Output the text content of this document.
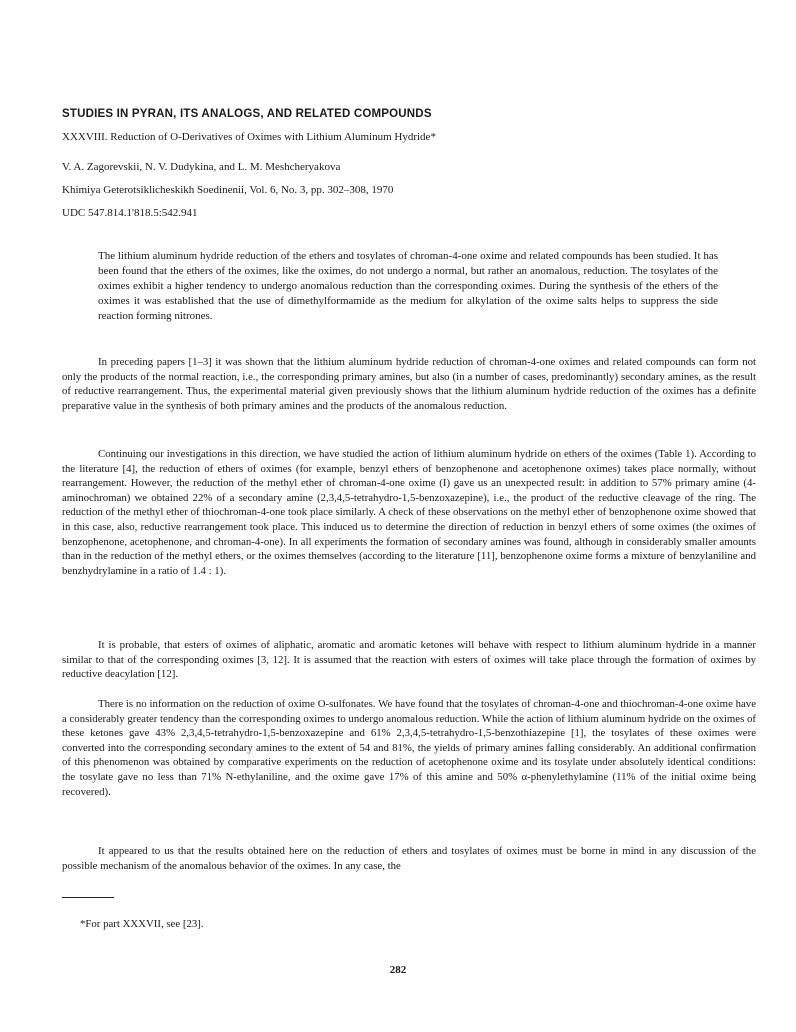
STUDIES IN PYRAN, ITS ANALOGS, AND RELATED COMPOUNDS
XXXVIII. Reduction of O-Derivatives of Oximes with Lithium Aluminum Hydride*
V. A. Zagorevskii, N. V. Dudykina, and L. M. Meshcheryakova
Khimiya Geterotsiklicheskikh Soedinenii, Vol. 6, No. 3, pp. 302–308, 1970
UDC 547.814.1'818.5:542.941
The lithium aluminum hydride reduction of the ethers and tosylates of chroman-4-one oxime and related compounds has been studied. It has been found that the ethers of the oximes, like the oximes, do not undergo a normal, but rather an anomalous, reduction. The tosylates of the oximes exhibit a higher tendency to undergo anomalous reduction than the corresponding oximes. During the synthesis of the ethers of the oximes it was established that the use of dimethylformamide as the medium for alkylation of the oxime salts helps to suppress the side reaction forming nitrones.
In preceding papers [1–3] it was shown that the lithium aluminum hydride reduction of chroman-4-one oximes and related compounds can form not only the products of the normal reaction, i.e., the corresponding primary amines, but also (in a number of cases, predominantly) secondary amines, as the result of reductive rearrangement. Thus, the experimental material given previously shows that the lithium aluminum hydride reduction of the oximes has a definite preparative value in the synthesis of both primary amines and the products of the anomalous reduction.
Continuing our investigations in this direction, we have studied the action of lithium aluminum hydride on ethers of the oximes (Table 1). According to the literature [4], the reduction of ethers of oximes (for example, benzyl ethers of benzophenone and acetophenone oximes) takes place normally, without rearrangement. However, the reduction of the methyl ether of chroman-4-one oxime (I) gave us an unexpected result: in addition to 57% primary amine (4-aminochroman) we obtained 22% of a secondary amine (2,3,4,5-tetrahydro-1,5-benzoxazepine), i.e., the product of the reductive cleavage of the ring. The reduction of the methyl ether of thiochroman-4-one took place similarly. A check of these observations on the methyl ether of benzophenone oxime showed that in this case, also, reductive rearrangement took place. This induced us to determine the direction of reduction in benzyl ethers of some oximes (the oximes of benzophenone, acetophenone, and chroman-4-one). In all experiments the formation of secondary amines was found, although in considerably smaller amounts than in the reduction of the methyl ethers, or the oximes themselves (according to the literature [11], benzophenone oxime forms a mixture of benzylaniline and benzhydrylamine in a ratio of 1.4 : 1).
It is probable, that esters of oximes of aliphatic, aromatic and aromatic ketones will behave with respect to lithium aluminum hydride in a manner similar to that of the corresponding oximes [3, 12]. It is assumed that the reaction with esters of oximes will take place through the formation of oximes by reductive deacylation [12].
There is no information on the reduction of oxime O-sulfonates. We have found that the tosylates of chroman-4-one and thiochroman-4-one oxime have a considerably greater tendency than the corresponding oximes to undergo anomalous reduction. While the action of lithium aluminum hydride on the oximes of these ketones gave 43% 2,3,4,5-tetrahydro-1,5-benzoxazepine and 61% 2,3,4,5-tetrahydro-1,5-benzothiazepine [1], the tosylates of these oximes were converted into the corresponding secondary amines to the extent of 54 and 81%, the yields of primary amines falling considerably. An additional confirmation of this phenomenon was obtained by comparative experiments on the reduction of acetophenone oxime and its tosylate under absolutely identical conditions: the tosylate gave no less than 71% N-ethylaniline, and the oxime gave 17% of this amine and 50% α-phenylethylamine (11% of the initial oxime being recovered).
It appeared to us that the results obtained here on the reduction of ethers and tosylates of oximes must be borne in mind in any discussion of the possible mechanism of the anomalous behavior of the oximes. In any case, the
*For part XXXVII, see [23].
282
